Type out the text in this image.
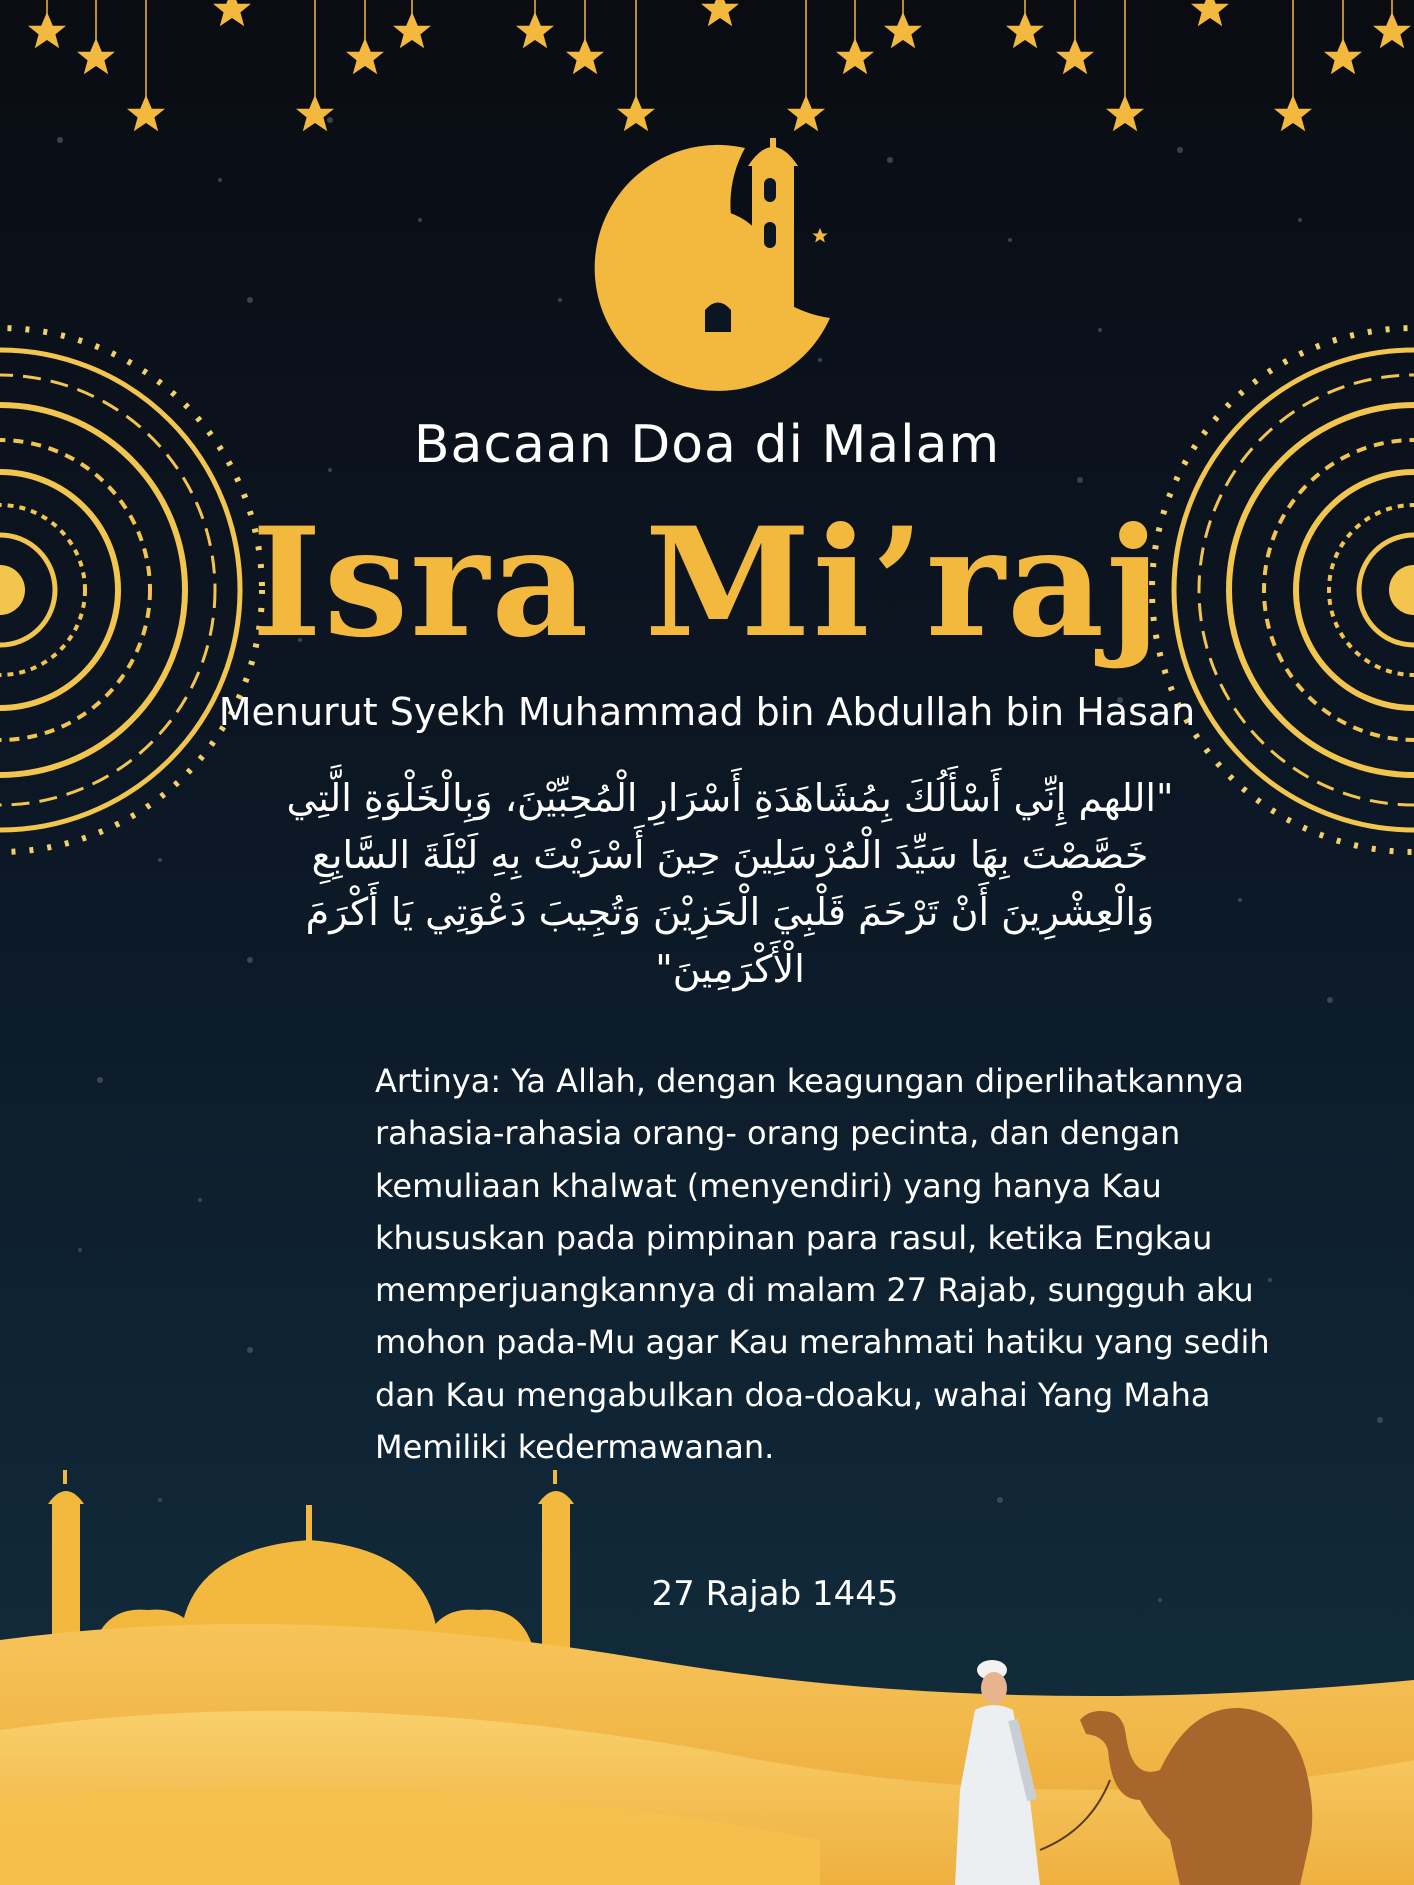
Bacaan Doa di Malam
Isra Mi’raj
Menurut Syekh Muhammad bin Abdullah bin Hasan
"اللهم إِنِّي أَسْأَلُكَ بِمُشَاهَدَةِ أَسْرَارِ الْمُحِبِّيْنَ، وَبِالْخَلْوَةِ الَّتِي خَصَّصْتَ بِهَا سَيِّدَ الْمُرْسَلِينَ حِينَ أَسْرَيْتَ بِهِ لَيْلَةَ السَّابِعِ وَالْعِشْرِينَ أَنْ تَرْحَمَ قَلْبِيَ الْحَزِيْنَ وَتُجِيبَ دَعْوَتِي يَا أَكْرَمَ الْأَكْرَمِينَ"
Artinya: Ya Allah, dengan keagungan diperlihatkannya rahasia-rahasia orang- orang pecinta, dan dengan kemuliaan khalwat (menyendiri) yang hanya Kau khususkan pada pimpinan para rasul, ketika Engkau memperjuangkannya di malam 27 Rajab, sungguh aku mohon pada-Mu agar Kau merahmati hatiku yang sedih dan Kau mengabulkan doa-doaku, wahai Yang Maha Memiliki kedermawanan.
27 Rajab 1445
